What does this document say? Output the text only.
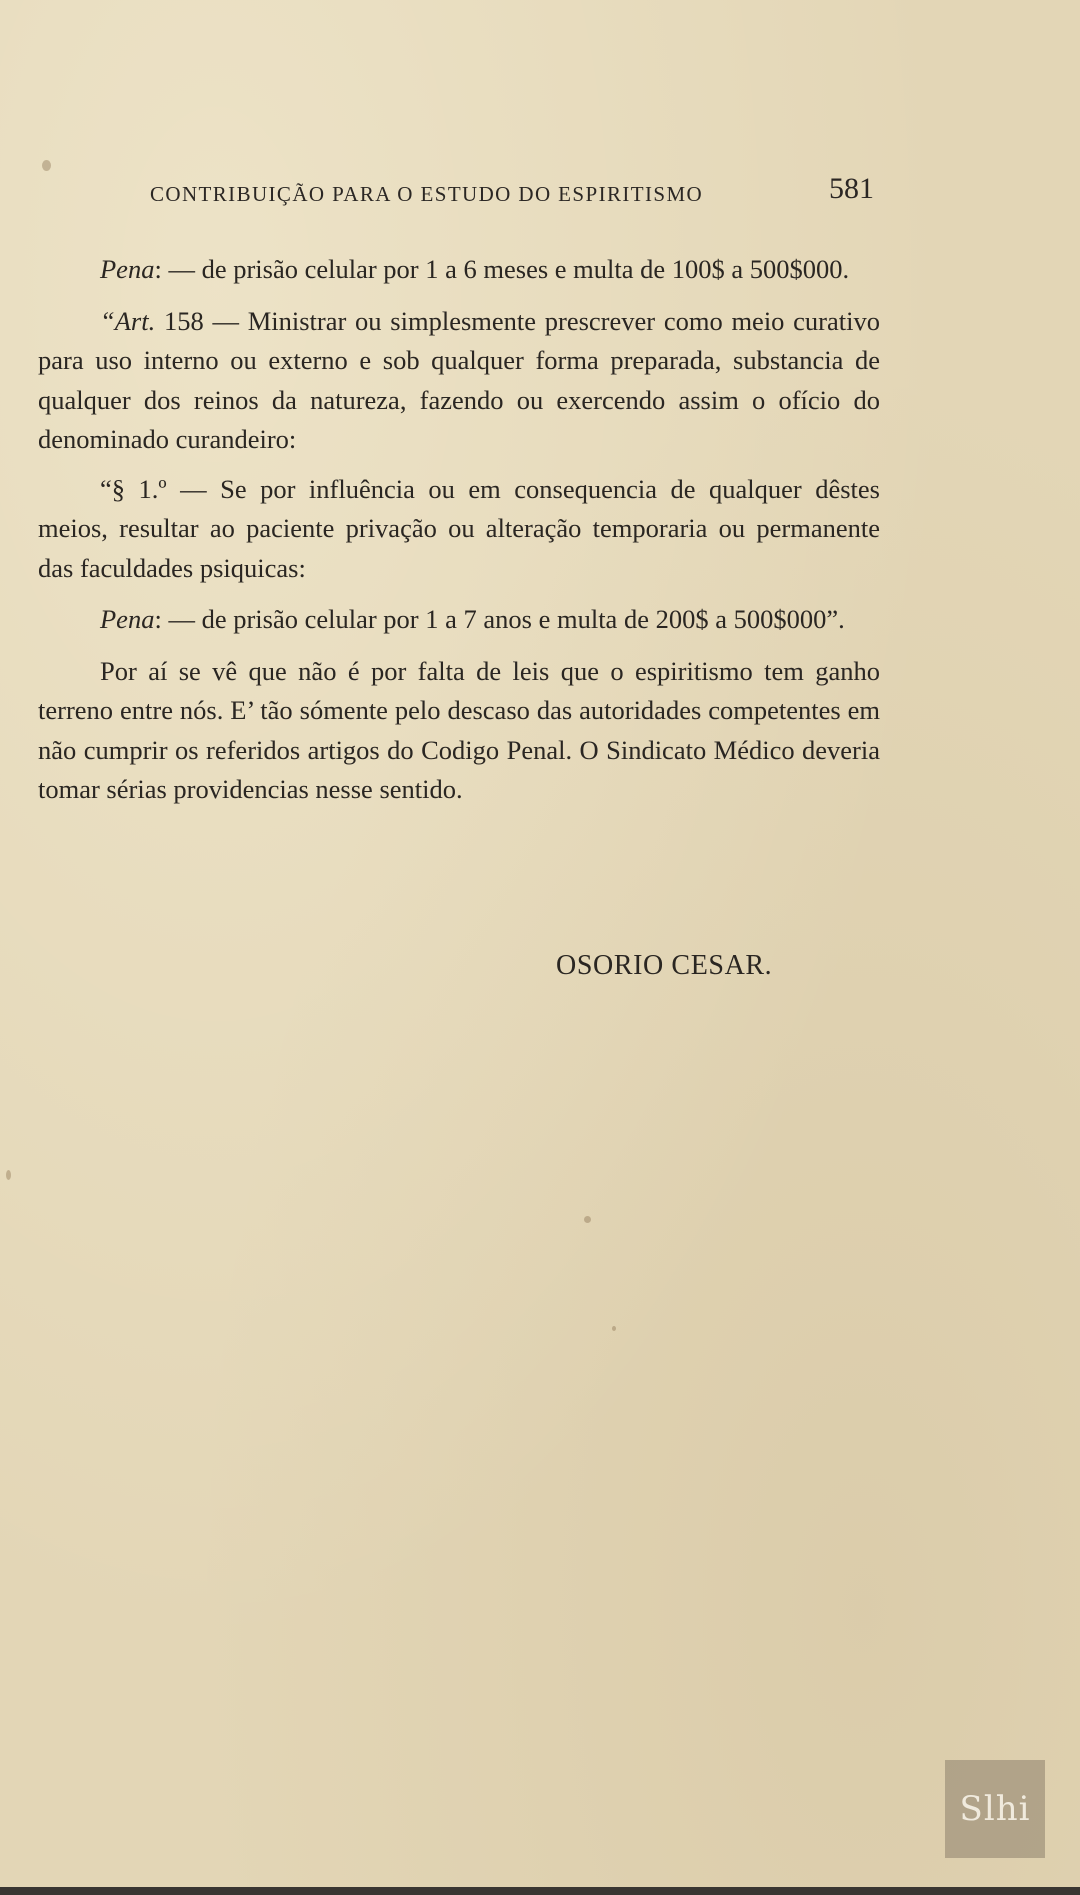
CONTRIBUIÇÃO PARA O ESTUDO DO ESPIRITISMO	581

Pena: — de prisão celular por 1 a 6 meses e multa de 100$ a 500$000.

“Art. 158 — Ministrar ou simplesmente prescrever como meio curativo para uso interno ou externo e sob qualquer forma preparada, substancia de qualquer dos reinos da natureza, fazendo ou exercendo assim o ofício do denominado curandeiro:

“§ 1.º — Se por influência ou em consequencia de qualquer dêstes meios, resultar ao paciente privação ou alteração temporaria ou permanente das faculdades psiquicas:

Pena: — de prisão celular por 1 a 7 anos e multa de 200$ a 500$000”.

Por aí se vê que não é por falta de leis que o espiritismo tem ganho terreno entre nós. E’ tão sómente pelo descaso das autoridades competentes em não cumprir os referidos artigos do Codigo Penal. O Sindicato Médico deveria tomar sérias providencias nesse sentido.

OSORIO CESAR.
Slhi
